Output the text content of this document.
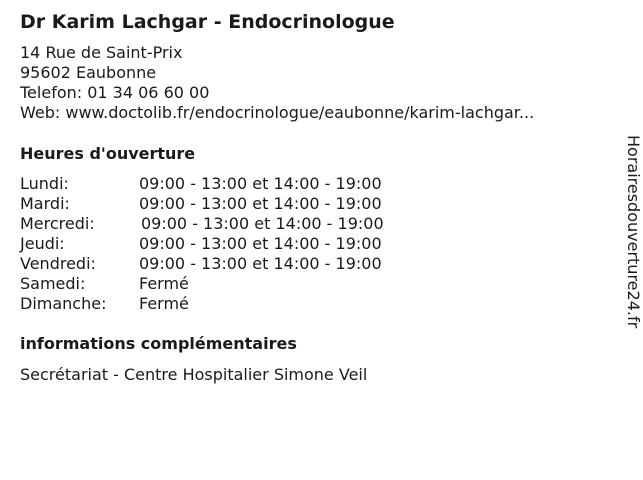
Dr Karim Lachgar - Endocrinologue
14 Rue de Saint-Prix
95602 Eaubonne
Telefon: 01 34 06 60 00
Web: www.doctolib.fr/endocrinologue/eaubonne/karim-lachgar...
Heures d'ouverture
Lundi:	09:00 - 13:00 et 14:00 - 19:00
Mardi:	09:00 - 13:00 et 14:00 - 19:00
Mercredi:	09:00 - 13:00 et 14:00 - 19:00
Jeudi:	09:00 - 13:00 et 14:00 - 19:00
Vendredi:	09:00 - 13:00 et 14:00 - 19:00
Samedi:	Fermé
Dimanche: Fermé
informations complémentaires
Secrétariat - Centre Hospitalier Simone Veil
Horairesdouverture24.fr
